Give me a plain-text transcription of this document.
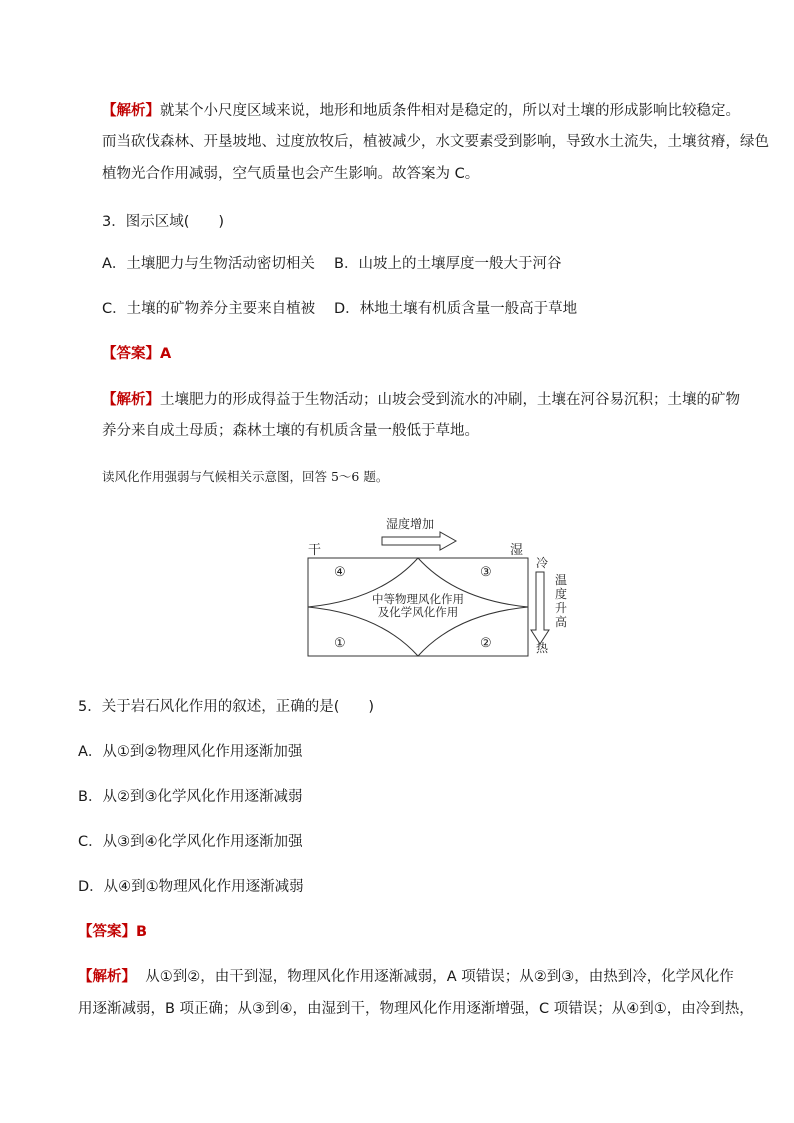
【解析】就某个小尺度区域来说，地形和地质条件相对是稳定的，所以对土壤的形成影响比较稳定。
而当砍伐森林、开垦坡地、过度放牧后，植被减少，水文要素受到影响，导致水土流失，土壤贫瘠，绿色
植物光合作用减弱，空气质量也会产生影响。故答案为 C。
3．图示区域(　　)
A．土壤肥力与生物活动密切相关 B．山坡上的土壤厚度一般大于河谷
C．土壤的矿物养分主要来自植被 D．林地土壤有机质含量一般高于草地
【答案】A
【解析】土壤肥力的形成得益于生物活动；山坡会受到流水的冲刷，土壤在河谷易沉积；土壤的矿物
养分来自成土母质；森林土壤的有机质含量一般低于草地。
读风化作用强弱与气候相关示意图，回答 5～6 题。
湿度增加
干	湿
冷
热
中等物理风化作用
及化学风化作用
④	③
①	②
温
度
升
高
5．关于岩石风化作用的叙述，正确的是(　　)
A．从①到②物理风化作用逐渐加强
B．从②到③化学风化作用逐渐减弱
C．从③到④化学风化作用逐渐加强
D．从④到①物理风化作用逐渐减弱
【答案】B
【解析】 从①到②，由干到湿，物理风化作用逐渐减弱，A 项错误；从②到③，由热到冷，化学风化作
用逐渐减弱，B 项正确；从③到④，由湿到干，物理风化作用逐渐增强，C 项错误；从④到①，由冷到热，
